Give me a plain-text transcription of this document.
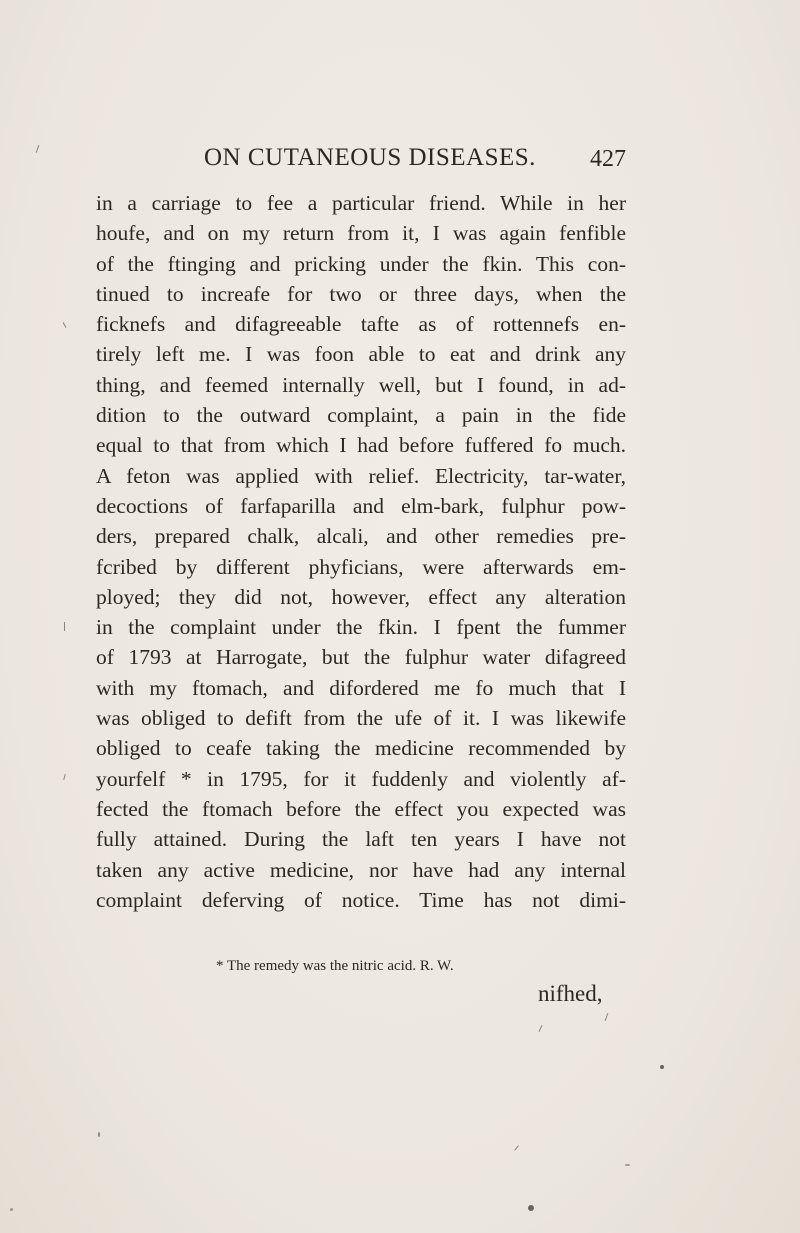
ON CUTANEOUS DISEASES. 427
in a carriage to fee a particular friend. While in her
houfe, and on my return from it, I was again fenfible
of the ftinging and pricking under the fkin. This con-
tinued to increafe for two or three days, when the
ficknefs and difagreeable tafte as of rottennefs en-
tirely left me. I was foon able to eat and drink any
thing, and feemed internally well, but I found, in ad-
dition to the outward complaint, a pain in the fide
equal to that from which I had before fuffered fo much.
A feton was applied with relief. Electricity, tar-water,
decoctions of farfaparilla and elm-bark, fulphur pow-
ders, prepared chalk, alcali, and other remedies pre-
fcribed by different phyficians, were afterwards em-
ployed; they did not, however, effect any alteration
in the complaint under the fkin. I fpent the fummer
of 1793 at Harrogate, but the fulphur water difagreed
with my ftomach, and difordered me fo much that I
was obliged to defift from the ufe of it. I was likewife
obliged to ceafe taking the medicine recommended by
yourfelf * in 1795, for it fuddenly and violently af-
fected the ftomach before the effect you expected was
fully attained. During the laft ten years I have not
taken any active medicine, nor have had any internal
complaint deferving of notice. Time has not dimi-
* The remedy was the nitric acid. R. W.
nifhed,
